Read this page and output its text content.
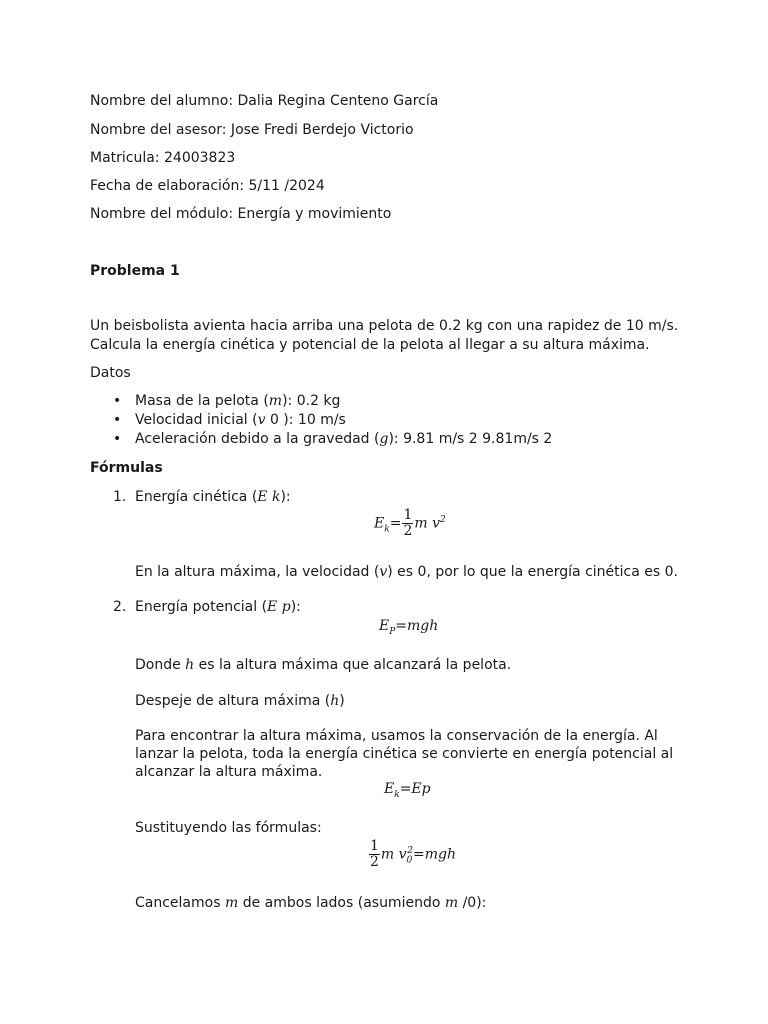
Nombre del alumno: Dalia Regina Centeno García
Nombre del asesor: Jose Fredi Berdejo Victorio
Matricula: 24003823
Fecha de elaboración: 5/11 /2024
Nombre del módulo: Energía y movimiento
Problema 1
Un beisbolista avienta hacia arriba una pelota de 0.2 kg con una rapidez de 10 m/s.
Calcula la energía cinética y potencial de la pelota al llegar a su altura máxima.
Datos
• Masa de la pelota (m): 0.2 kg
• Velocidad inicial (v 0 ): 10 m/s
• Aceleración debido a la gravedad (g): 9.81 m/s 2 9.81m/s 2
Fórmulas
1. Energía cinética (E k):
$E_k= \frac{1}{2}$ m $v^2$
En la altura máxima, la velocidad (v) es 0, por lo que la energía cinética es 0.
2. Energía potencial (E p):
$E_P=mgh$
Donde h es la altura máxima que alcanzará la pelota.
Despeje de altura máxima (h)
Para encontrar la altura máxima, usamos la conservación de la energía. Al
lanzar la pelota, toda la energía cinética se convierte en energía potencial al
alcanzar la altura máxima.
$E_k=Ep$
Sustituyendo las fórmulas:
$\frac{1}{2}$ m $v_0^2=mgh$
Cancelamos m de ambos lados (asumiendo m /0):
